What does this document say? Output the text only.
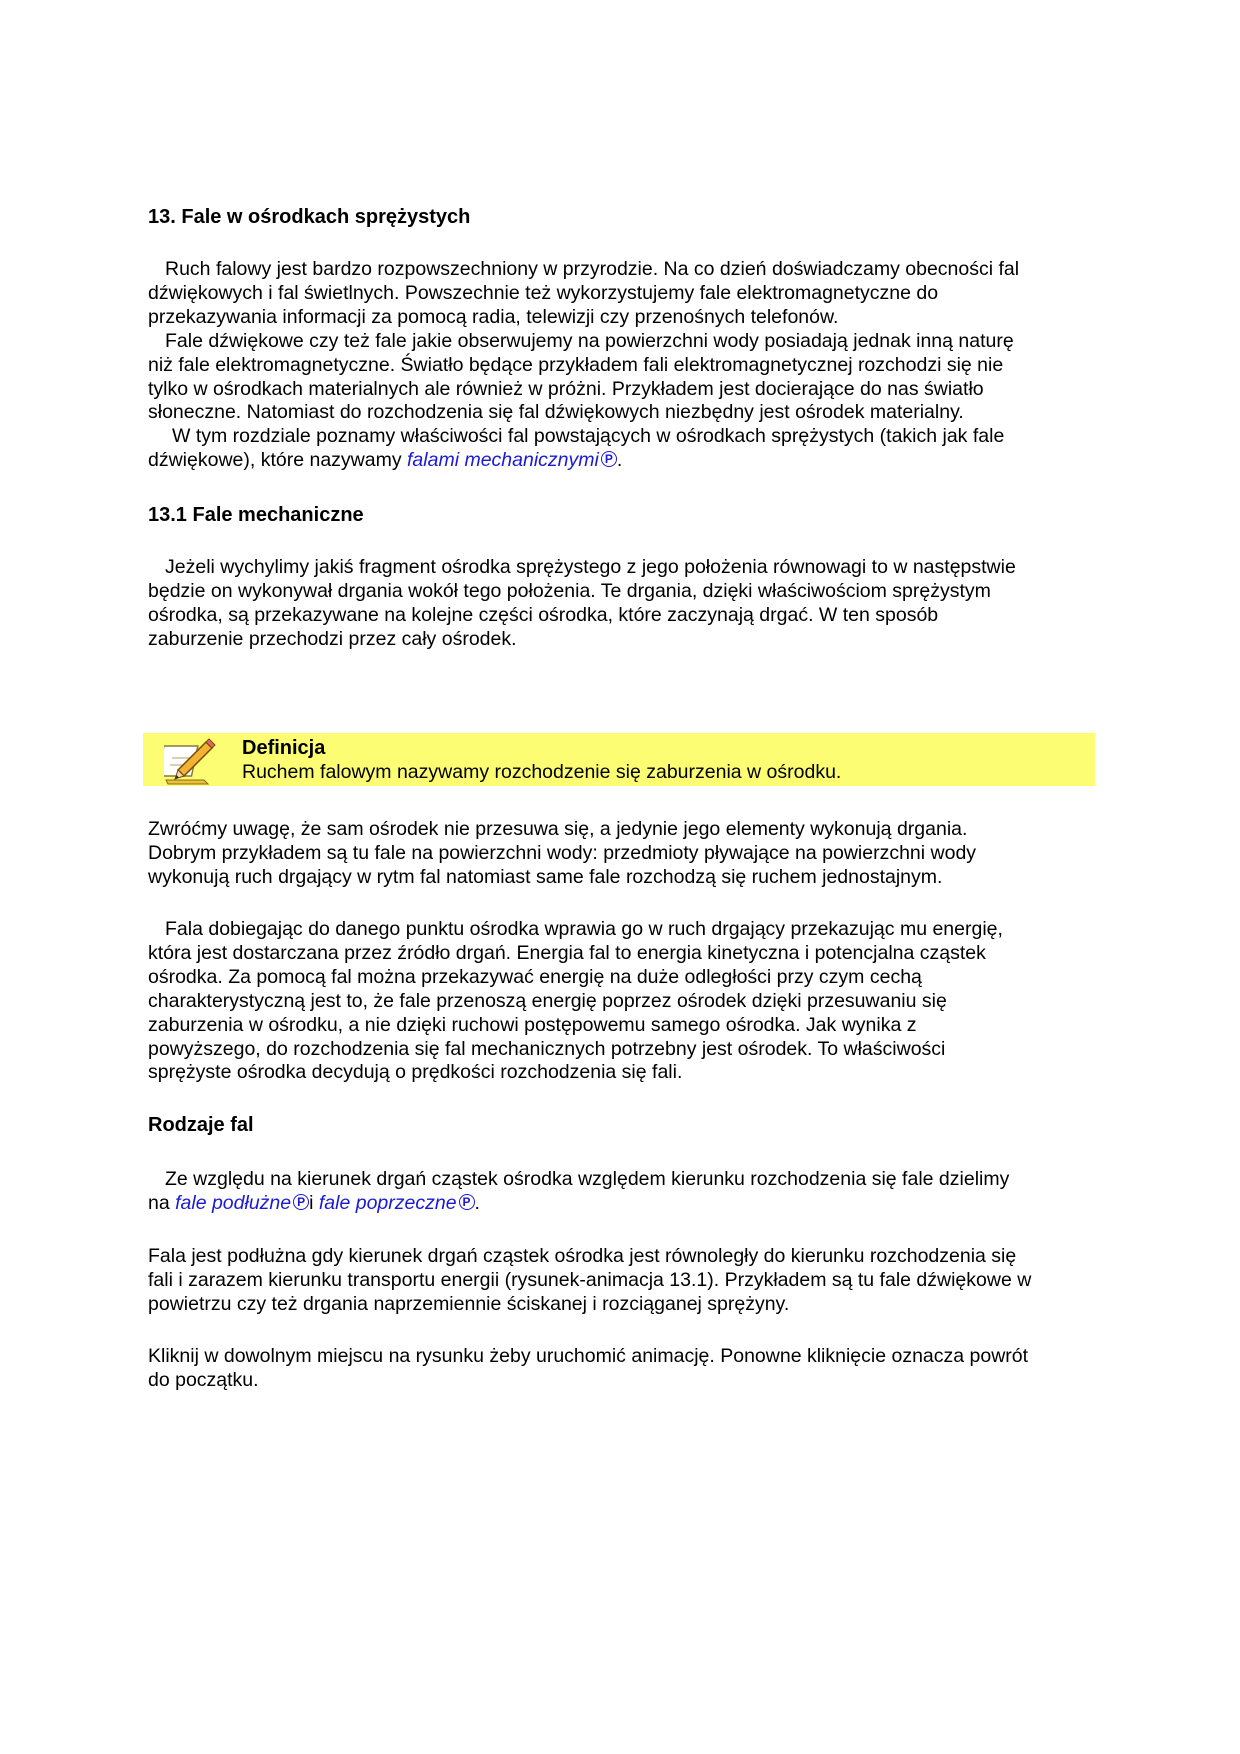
13. Fale w ośrodkach sprężystych
Ruch falowy jest bardzo rozpowszechniony w przyrodzie. Na co dzień doświadczamy obecności fal
dźwiękowych i fal świetlnych. Powszechnie też wykorzystujemy fale elektromagnetyczne do
przekazywania informacji za pomocą radia, telewizji czy przenośnych telefonów.
Fale dźwiękowe czy też fale jakie obserwujemy na powierzchni wody posiadają jednak inną naturę
niż fale elektromagnetyczne. Światło będące przykładem fali elektromagnetycznej rozchodzi się nie
tylko w ośrodkach materialnych ale również w próżni. Przykładem jest docierające do nas światło
słoneczne. Natomiast do rozchodzenia się fal dźwiękowych niezbędny jest ośrodek materialny.
W tym rozdziale poznamy właściwości fal powstających w ośrodkach sprężystych (takich jak fale
dźwiękowe), które nazywamy falami mechanicznymi P .
13.1 Fale mechaniczne
Jeżeli wychylimy jakiś fragment ośrodka sprężystego z jego położenia równowagi to w następstwie
będzie on wykonywał drgania wokół tego położenia. Te drgania, dzięki właściwościom sprężystym
ośrodka, są przekazywane na kolejne części ośrodka, które zaczynają drgać. W ten sposób
zaburzenie przechodzi przez cały ośrodek.
Definicja
Ruchem falowym nazywamy rozchodzenie się zaburzenia w ośrodku.
Zwróćmy uwagę, że sam ośrodek nie przesuwa się, a jedynie jego elementy wykonują drgania.
Dobrym przykładem są tu fale na powierzchni wody: przedmioty pływające na powierzchni wody
wykonują ruch drgający w rytm fal natomiast same fale rozchodzą się ruchem jednostajnym.
Fala dobiegając do danego punktu ośrodka wprawia go w ruch drgający przekazując mu energię,
która jest dostarczana przez źródło drgań. Energia fal to energia kinetyczna i potencjalna cząstek
ośrodka. Za pomocą fal można przekazywać energię na duże odległości przy czym cechą
charakterystyczną jest to, że fale przenoszą energię poprzez ośrodek dzięki przesuwaniu się
zaburzenia w ośrodku, a nie dzięki ruchowi postępowemu samego ośrodka. Jak wynika z
powyższego, do rozchodzenia się fal mechanicznych potrzebny jest ośrodek. To właściwości
sprężyste ośrodka decydują o prędkości rozchodzenia się fali.
Rodzaje fal
Ze względu na kierunek drgań cząstek ośrodka względem kierunku rozchodzenia się fale dzielimy
na fale podłużne P i fale poprzeczne P .
Fala jest podłużna gdy kierunek drgań cząstek ośrodka jest równoległy do kierunku rozchodzenia się
fali i zarazem kierunku transportu energii (rysunek-animacja 13.1). Przykładem są tu fale dźwiękowe w
powietrzu czy też drgania naprzemiennie ściskanej i rozciąganej sprężyny.
Kliknij w dowolnym miejscu na rysunku żeby uruchomić animację. Ponowne kliknięcie oznacza powrót
do początku.
